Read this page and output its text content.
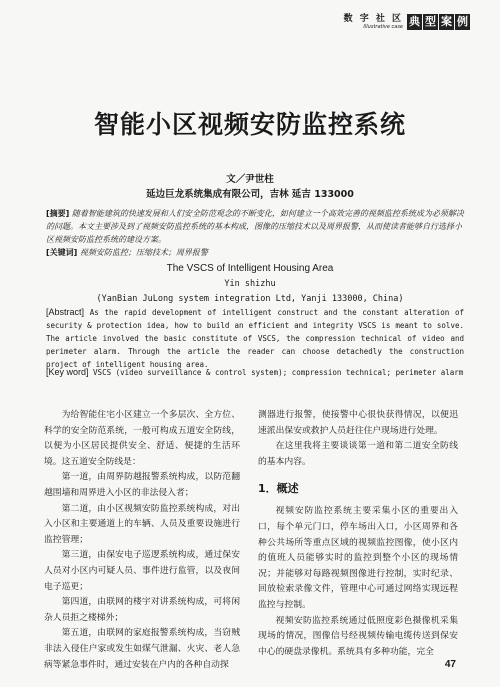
数 字 社 区
Illustrative case 典 型 案 例
智能小区视频安防监控系统
文／尹世柱
延边巨龙系统集成有限公司，吉林 延吉 133000
[摘要] 随着智能建筑的快速发展和人们安全防范观念的不断变化，如何建立一个高效完善的视频监控系统成为必须解决的问题。本文主要涉及到了视频安防监控系统的基本构成，图像的压缩技术以及周界报警，从而使读者能够自行选择小区视频安防监控系统的建设方案。
[关键词] 视频安防监控；压缩技术；周界报警
The VSCS of Intelligent Housing Area
Yin shizhu
(YanBian JuLong system integration Ltd, Yanji 133000, China)
[Abstract] As the rapid development of intelligent construct and the constant alteration of security & protection idea, how to build an efficient and integrity VSCS is meant to solve. The article involved the basic constitute of VSCS, the compression technical of video and perimeter alarm. Through the article the reader can choose detachedly the construction project of intelligent housing area.
[Key word] VSCS (video surveillance & control system); compression technical; perimeter alarm

为给智能住宅小区建立一个多层次、全方位、科学的安全防范系统，一般可构成五道安全防线，以便为小区居民提供安全、舒适、便捷的生活环境。这五道安全防线是：

第一道，由周界防越报警系统构成，以防范翻越围墙和周界进入小区的非法侵入者；

第二道，由小区视频安防监控系统构成，对出入小区和主要通道上的车辆、人员及重要设施进行监控管理；

第三道，由保安电子巡逻系统构成，通过保安人员对小区内可疑人员、事件进行监管，以及夜间电子巡更；

第四道，由联网的楼宇对讲系统构成，可将闲杂人员拒之楼梯外；

第五道，由联网的家庭报警系统构成，当窃贼非法入侵住户家或发生如煤气泄漏、火灾、老人急病等紧急事件时，通过安装在户内的各种自动探

测器进行报警，使接警中心很快获得情况，以便迅速派出保安或救护人员赶往住户现场进行处理。

在这里我将主要谈谈第一道和第二道安全防线的基本内容。

1．概述

视频安防监控系统主要采集小区的重要出入口，每个单元门口，停车场出入口，小区周界和各种公共场所等重点区域的视频监控图像，使小区内的值班人员能够实时的监控到整个小区的现场情况；并能够对每路视频图像进行控制，实时纪录、回放检索录像文件，管理中心可通过网络实现远程监控与控制。

视频安防监控系统通过低照度彩色摄像机采集现场的情况，图像信号经视频传输电缆传送到保安中心的硬盘录像机。系统具有多种功能，完全

47
